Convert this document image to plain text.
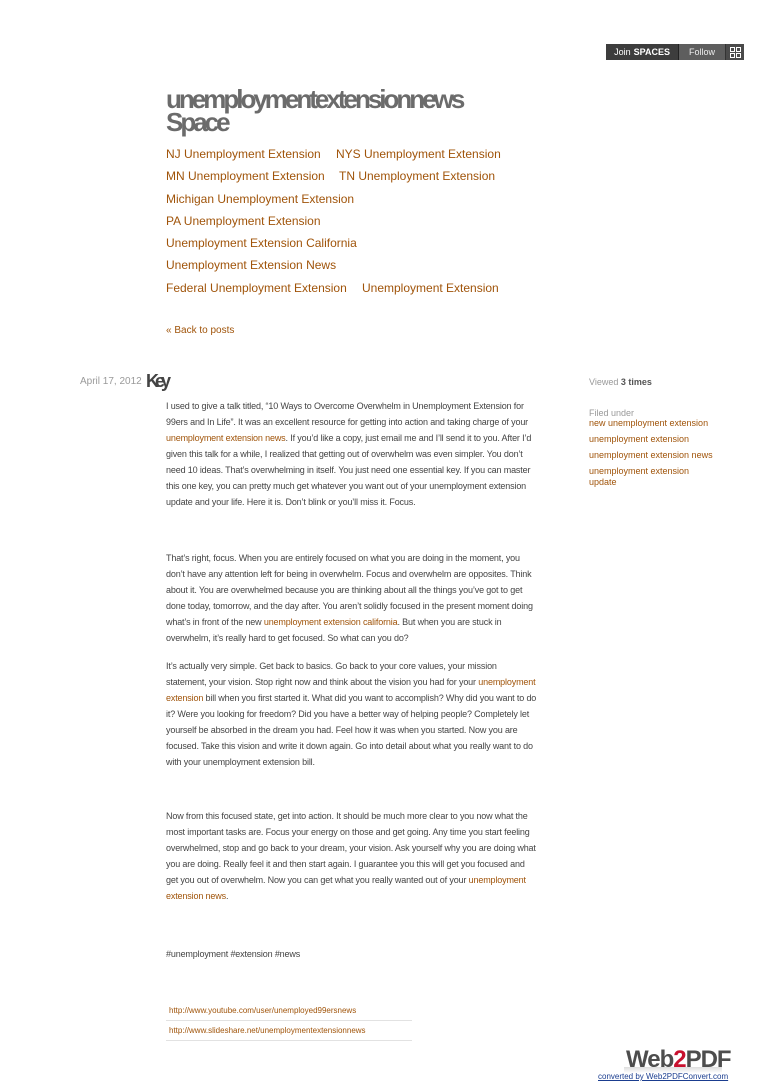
Join SPACES Follow
unemploymentextensionnews
Space
NJ Unemployment Extension NYS Unemployment Extension
MN Unemployment Extension TN Unemployment Extension
Michigan Unemployment Extension
PA Unemployment Extension
Unemployment Extension California
Unemployment Extension News
Federal Unemployment Extension Unemployment Extension
« Back to posts
April 17, 2012 Key	Viewed 3 times
Filed under
new unemployment extension
unemployment extension
unemployment extension news
unemployment extension update

I used to give a talk titled, “10 Ways to Overcome Overwhelm in Unemployment Extension for 99ers and In Life”. It was an excellent resource for getting into action and taking charge of your unemployment extension news. If you’d like a copy, just email me and I’ll send it to you. After I’d given this talk for a while, I realized that getting out of overwhelm was even simpler. You don’t need 10 ideas. That’s overwhelming in itself. You just need one essential key. If you can master this one key, you can pretty much get whatever you want out of your unemployment extension update and your life. Here it is. Don’t blink or you’ll miss it. Focus.

That’s right, focus. When you are entirely focused on what you are doing in the moment, you don’t have any attention left for being in overwhelm. Focus and overwhelm are opposites. Think about it. You are overwhelmed because you are thinking about all the things you’ve got to get done today, tomorrow, and the day after. You aren’t solidly focused in the present moment doing what’s in front of the new unemployment extension california. But when you are stuck in overwhelm, it’s really hard to get focused. So what can you do?

It’s actually very simple. Get back to basics. Go back to your core values, your mission statement, your vision. Stop right now and think about the vision you had for your unemployment extension bill when you first started it. What did you want to accomplish? Why did you want to do it? Were you looking for freedom? Did you have a better way of helping people? Completely let yourself be absorbed in the dream you had. Feel how it was when you started. Now you are focused. Take this vision and write it down again. Go into detail about what you really want to do with your unemployment extension bill.

Now from this focused state, get into action. It should be much more clear to you now what the most important tasks are. Focus your energy on those and get going. Any time you start feeling overwhelmed, stop and go back to your dream, your vision. Ask yourself why you are doing what you are doing. Really feel it and then start again. I guarantee you this will get you focused and get you out of overwhelm. Now you can get what you really wanted out of your unemployment extension news.

#unemployment #extension #news

http://www.youtube.com/user/unemployed99ersnews
http://www.slideshare.net/unemploymentextensionnews
Web2PDF
converted by Web2PDFConvert.com
